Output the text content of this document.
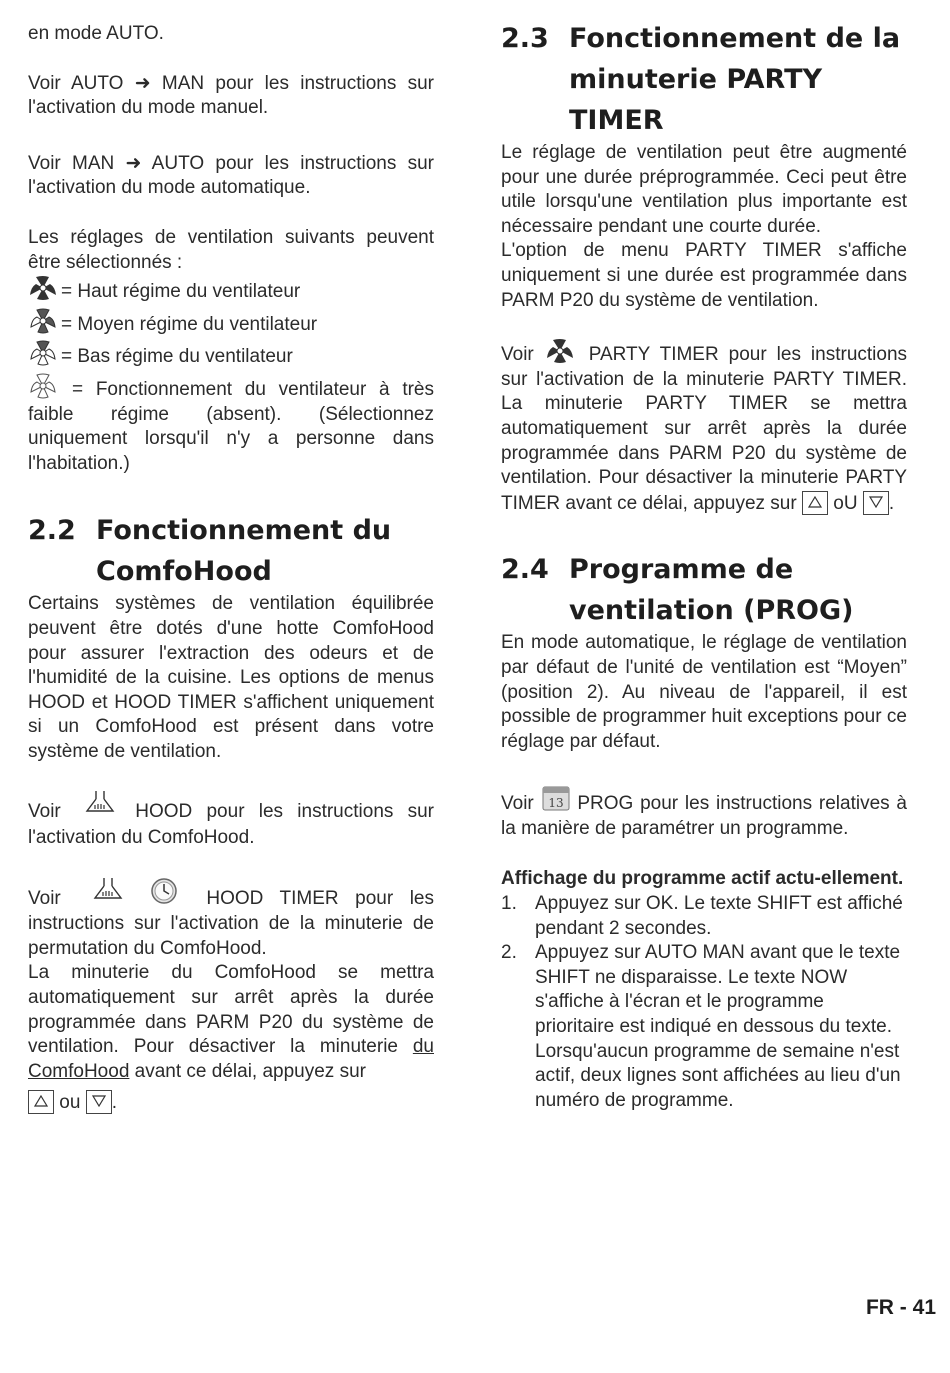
en mode AUTO.

Voir AUTO ➜ MAN pour les instructions sur l'activation du mode manuel.

Voir MAN ➜ AUTO pour les instructions sur l'activation du mode automatique.

Les réglages de ventilation suivants peuvent être sélectionnés :

= Haut régime du ventilateur
= Moyen régime du ventilateur
= Bas régime du ventilateur

= Fonctionnement du ventilateur à très faible régime (absent). (Sélectionnez uniquement lorsqu'il n'y a personne dans l'habitation.)

2.2 Fonctionnement du ComfoHood

Certains systèmes de ventilation équilibrée peuvent être dotés d'une hotte ComfoHood pour assurer l'extraction des odeurs et de l'humidité de la cuisine. Les options de menus HOOD et HOOD TIMER s'affichent uniquement si un ComfoHood est présent dans votre système de ventilation.

Voir	HOOD pour les instructions sur l'activation du ComfoHood.

Voir	HOOD TIMER pour les instructions sur l'activation de la minuterie de permutation du ComfoHood.

La minuterie du ComfoHood se mettra automatiquement sur arrêt après la durée programmée dans PARM P20 du système de ventilation. Pour désactiver la minuterie du ComfoHood avant ce délai, appuyez sur

ou .

2.3 Fonctionnement de la minuterie PARTY TIMER

Le réglage de ventilation peut être augmenté pour une durée préprogrammée. Ceci peut être utile lorsqu'une ventilation plus importante est nécessaire pendant une courte durée.

L'option de menu PARTY TIMER s'affiche uniquement si une durée est programmée dans PARM P20 du système de ventilation.

Voir	PARTY TIMER pour les instructions sur l'activation de la minuterie PARTY TIMER. La minuterie PARTY TIMER se mettra automatiquement sur arrêt après la durée programmée dans PARM P20 du système de ventilation. Pour désactiver la minuterie PARTY TIMER avant ce délai, appuyez sur oU .

2.4 Programme de ventilation (PROG)

En mode automatique, le réglage de ventilation par défaut de l'unité de ventilation est “Moyen” (position 2). Au niveau de l'appareil, il est possible de programmer huit exceptions pour ce réglage par défaut.

Voir 13 PROG pour les instructions relatives à la manière de paramétrer un programme.

Affichage du programme actif actu-ellement.

1. Appuyez sur OK. Le texte SHIFT est affiché pendant 2 secondes.
2. Appuyez sur AUTO MAN avant que le texte SHIFT ne disparaisse. Le texte NOW s'affiche à l'écran et le programme prioritaire est indiqué en dessous du texte. Lorsqu'aucun programme de semaine n'est actif, deux lignes sont affichées au lieu d'un numéro de programme.
FR - 41
